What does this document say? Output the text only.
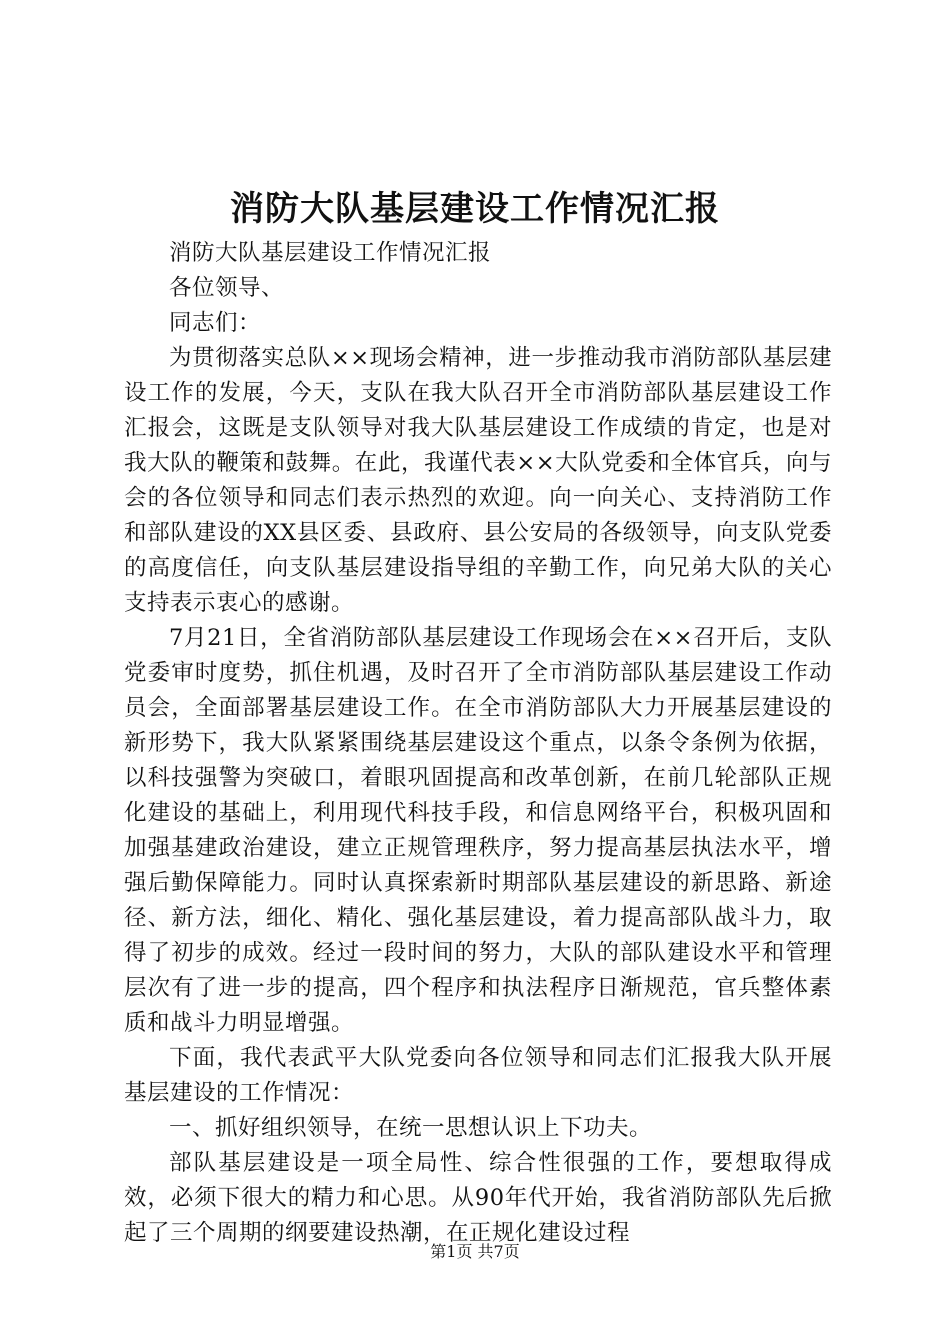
消防大队基层建设工作情况汇报

消防大队基层建设工作情况汇报

各位领导、

同志们：

为贯彻落实总队××现场会精神，进一步推动我市消防部队基层建设工作的发展，今天，支队在我大队召开全市消防部队基层建设工作汇报会，这既是支队领导对我大队基层建设工作成绩的肯定，也是对我大队的鞭策和鼓舞。在此，我谨代表××大队党委和全体官兵，向与会的各位领导和同志们表示热烈的欢迎。向一向关心、支持消防工作和部队建设的XX县区委、县政府、县公安局的各级领导，向支队党委的高度信任，向支队基层建设指导组的辛勤工作，向兄弟大队的关心支持表示衷心的感谢。

7月21日，全省消防部队基层建设工作现场会在××召开后，支队党委审时度势，抓住机遇，及时召开了全市消防部队基层建设工作动员会，全面部署基层建设工作。在全市消防部队大力开展基层建设的新形势下，我大队紧紧围绕基层建设这个重点，以条令条例为依据，以科技强警为突破口，着眼巩固提高和改革创新，在前几轮部队正规化建设的基础上，利用现代科技手段，和信息网络平台，积极巩固和加强基建政治建设，建立正规管理秩序，努力提高基层执法水平，增强后勤保障能力。同时认真探索新时期部队基层建设的新思路、新途径、新方法，细化、精化、强化基层建设，着力提高部队战斗力，取得了初步的成效。经过一段时间的努力，大队的部队建设水平和管理层次有了进一步的提高，四个程序和执法程序日渐规范，官兵整体素质和战斗力明显增强。

下面，我代表武平大队党委向各位领导和同志们汇报我大队开展基层建设的工作情况：

一、抓好组织领导，在统一思想认识上下功夫。

部队基层建设是一项全局性、综合性很强的工作，要想取得成效，必须下很大的精力和心思。从90年代开始，我省消防部队先后掀起了三个周期的纲要建设热潮，在正规化建设过程

第1页 共7页
